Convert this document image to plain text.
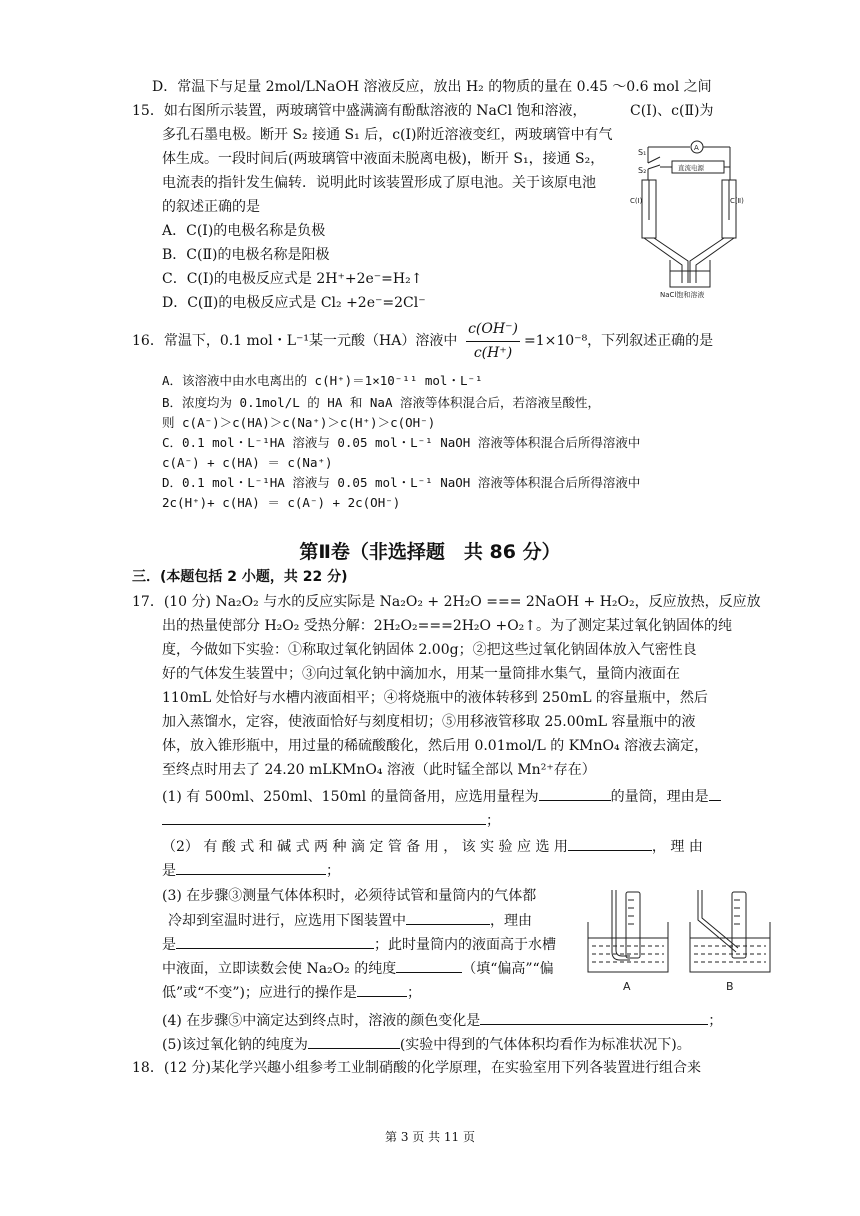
D．常温下与足量 2mol/LNaOH 溶液反应，放出 H₂ 的物质的量在 0.45 ～0.6 mol 之间
15．如右图所示装置，两玻璃管中盛满滴有酚酞溶液的 NaCl 饱和溶液，	C(Ⅰ)、c(Ⅱ)为
多孔石墨电极。断开 S₂ 接通 S₁ 后，c(I)附近溶液变红，两玻璃管中有气
体生成。一段时间后(两玻璃管中液面未脱离电极)，断开 S₁，接通 S₂，
电流表的指针发生偏转．说明此时该装置形成了原电池。关于该原电池
的叙述正确的是
A．C(I)的电极名称是负极
B．C(Ⅱ)的电极名称是阳极
C．C(I)的电极反应式是 2H⁺+2e⁻=H₂↑
D．C(Ⅱ)的电极反应式是 Cl₂ +2e⁻=2Cl⁻
S₁
S₂
A
直流电源
C(Ⅰ)	C(Ⅱ)
NaCl饱和溶液
16．常温下，0.1 mol・L⁻¹某一元酸（HA）溶液中
c(OH⁻)
c(H⁺)
=1×10⁻⁸，下列叙述正确的是
A．该溶液中由水电离出的 c(H⁺)＝1×10⁻¹¹ mol・L⁻¹
B．浓度均为 0.1mol/L 的 HA 和 NaA 溶液等体积混合后，若溶液呈酸性，
则 c(A⁻)＞c(HA)＞c(Na⁺)＞c(H⁺)＞c(OH⁻)
C．0.1 mol・L⁻¹HA 溶液与 0.05 mol・L⁻¹ NaOH 溶液等体积混合后所得溶液中
c(A⁻) + c(HA) ＝ c(Na⁺)
D．0.1 mol・L⁻¹HA 溶液与 0.05 mol・L⁻¹ NaOH 溶液等体积混合后所得溶液中
2c(H⁺)+ c(HA) ＝ c(A⁻) + 2c(OH⁻)
第Ⅱ卷（非选择题　共 86 分）
三．(本题包括 2 小题，共 22 分)
17．(10 分) Na₂O₂ 与水的反应实际是 Na₂O₂ + 2H₂O === 2NaOH + H₂O₂，反应放热，反应放
出的热量使部分 H₂O₂ 受热分解：2H₂O₂===2H₂O +O₂↑。为了测定某过氧化钠固体的纯
度，今做如下实验：①称取过氧化钠固体 2.00g；②把这些过氧化钠固体放入气密性良
好的气体发生装置中；③向过氧化钠中滴加水，用某一量筒排水集气，量筒内液面在
110mL 处恰好与水槽内液面相平；④将烧瓶中的液体转移到 250mL 的容量瓶中，然后
加入蒸馏水，定容，使液面恰好与刻度相切；⑤用移液管移取 25.00mL 容量瓶中的液
体，放入锥形瓶中，用过量的稀硫酸酸化，然后用 0.01mol/L 的 KMnO₄ 溶液去滴定，
至终点时用去了 24.20 mLKMnO₄ 溶液（此时锰全部以 Mn²⁺存在）
(1) 有 500ml、250ml、150ml 的量筒备用，应选用量程为	的量筒，理由是
；
（2） 有 酸 式 和 碱 式 两 种 滴 定 管 备 用 ， 该 实 验 应 选 用	， 理 由
是	；
(3) 在步骤③测量气体体积时，必须待试管和量筒内的气体都
冷却到室温时进行，应选用下图装置中	，理由
是	；此时量筒内的液面高于水槽
中液面，立即读数会使 Na₂O₂ 的纯度	（填“偏高”“偏
低”或“不变”)；应进行的操作是	；	A	B
(4) 在步骤⑤中滴定达到终点时，溶液的颜色变化是	；
(5)该过氧化钠的纯度为	(实验中得到的气体体积均看作为标准状况下)。
18．(12 分)某化学兴趣小组参考工业制硝酸的化学原理，在实验室用下列各装置进行组合来
第 3 页 共 11 页
